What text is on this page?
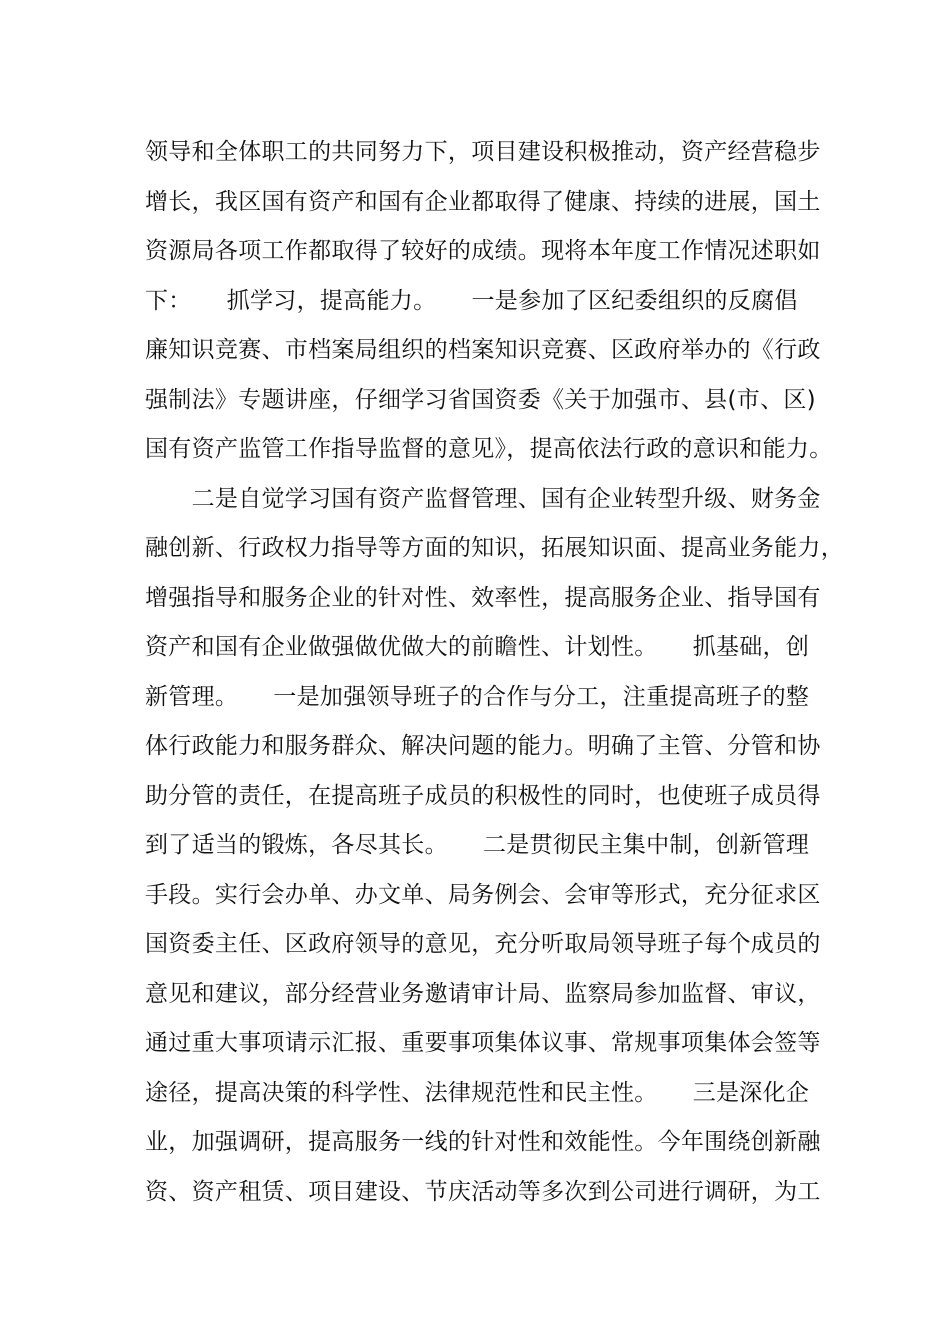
领导和全体职工的共同努力下，项目建设积极推动，资产经营稳步
增长，我区国有资产和国有企业都取得了健康、持续的进展，国土
资源局各项工作都取得了较好的成绩。现将本年度工作情况述职如
下：　　抓学习，提高能力。　　一是参加了区纪委组织的反腐倡
廉知识竞赛、市档案局组织的档案知识竞赛、区政府举办的《行政
强制法》专题讲座，仔细学习省国资委《关于加强市、县(市、区)
国有资产监管工作指导监督的意见》，提高依法行政的意识和能力。
　　二是自觉学习国有资产监督管理、国有企业转型升级、财务金
融创新、行政权力指导等方面的知识，拓展知识面、提高业务能力，
增强指导和服务企业的针对性、效率性，提高服务企业、指导国有
资产和国有企业做强做优做大的前瞻性、计划性。　　抓基础，创
新管理。　　一是加强领导班子的合作与分工，注重提高班子的整
体行政能力和服务群众、解决问题的能力。明确了主管、分管和协
助分管的责任，在提高班子成员的积极性的同时，也使班子成员得
到了适当的锻炼，各尽其长。　　二是贯彻民主集中制，创新管理
手段。实行会办单、办文单、局务例会、会审等形式，充分征求区
国资委主任、区政府领导的意见，充分听取局领导班子每个成员的
意见和建议，部分经营业务邀请审计局、监察局参加监督、审议，
通过重大事项请示汇报、重要事项集体议事、常规事项集体会签等
途径，提高决策的科学性、法律规范性和民主性。　　三是深化企
业，加强调研，提高服务一线的针对性和效能性。今年围绕创新融
资、资产租赁、项目建设、节庆活动等多次到公司进行调研，为工
